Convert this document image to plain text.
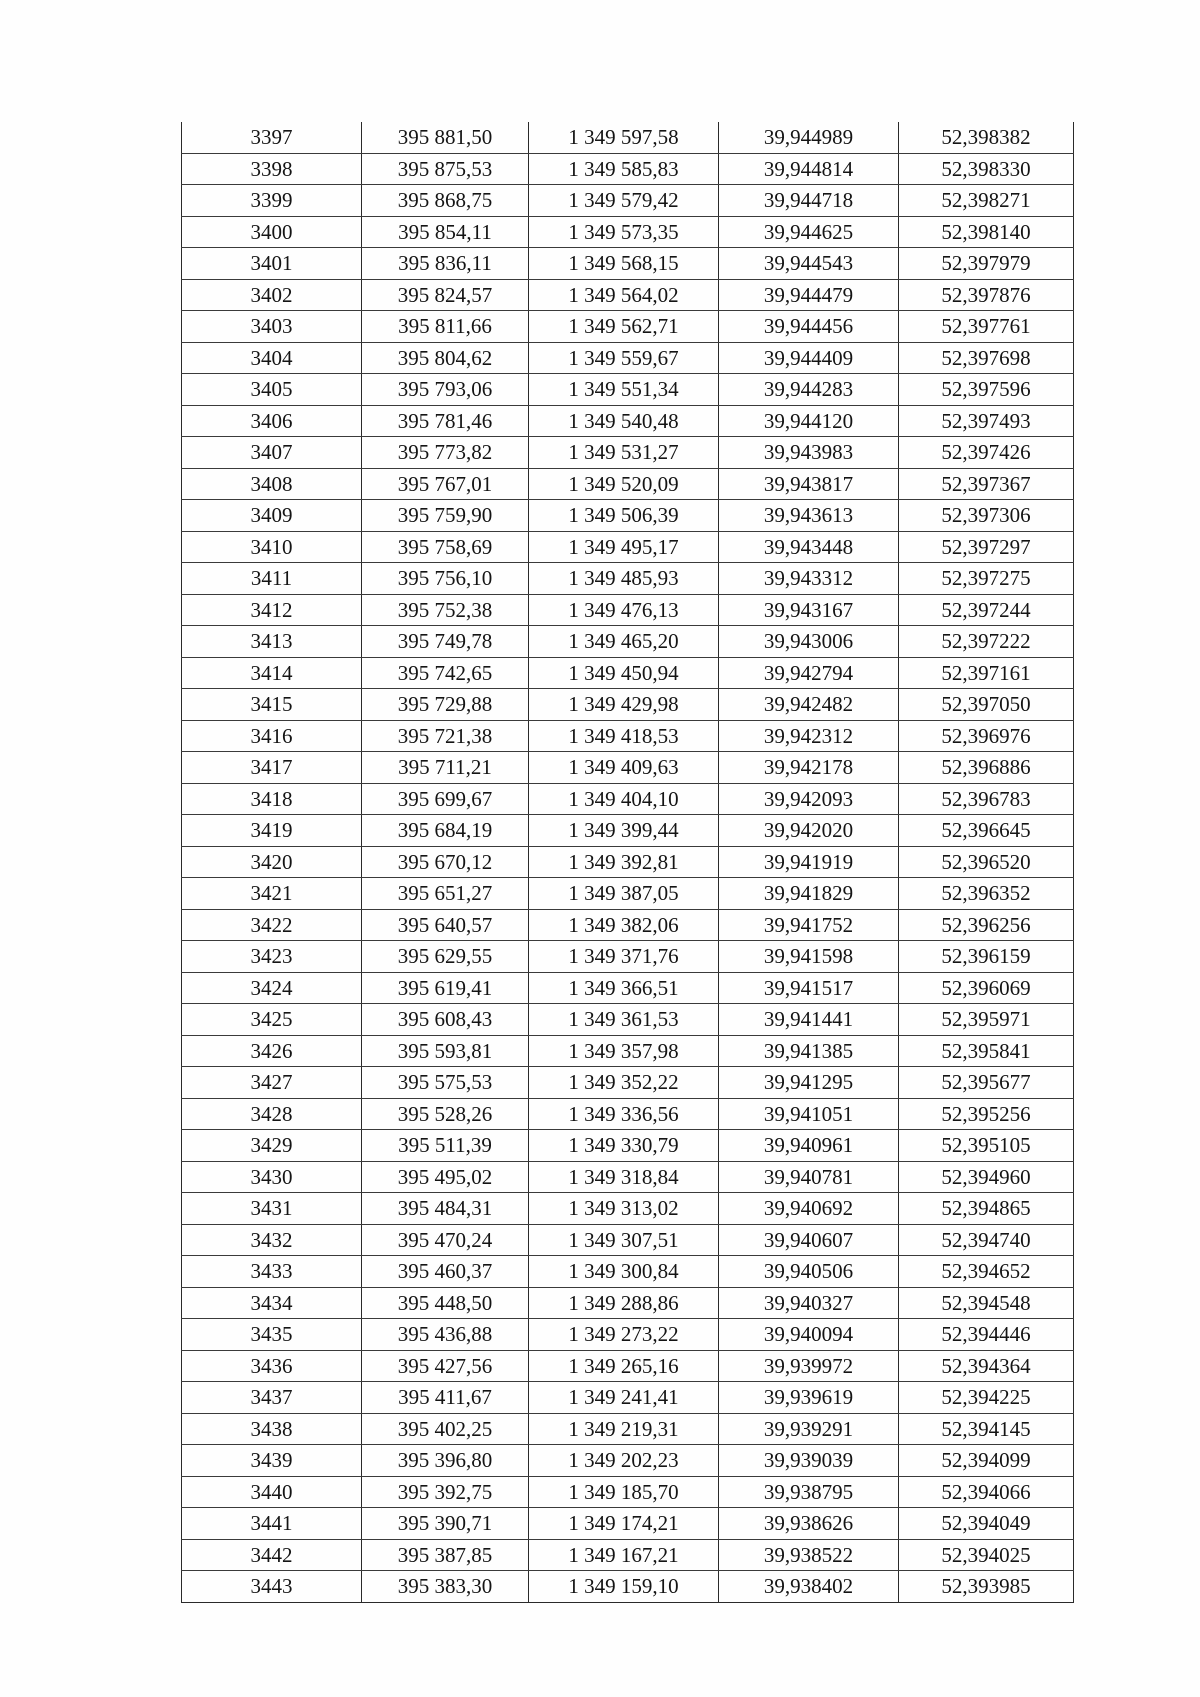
3397	395 881,50	1 349 597,58	39,944989	52,398382
3398	395 875,53	1 349 585,83	39,944814	52,398330
3399	395 868,75	1 349 579,42	39,944718	52,398271
3400	395 854,11	1 349 573,35	39,944625	52,398140
3401	395 836,11	1 349 568,15	39,944543	52,397979
3402	395 824,57	1 349 564,02	39,944479	52,397876
3403	395 811,66	1 349 562,71	39,944456	52,397761
3404	395 804,62	1 349 559,67	39,944409	52,397698
3405	395 793,06	1 349 551,34	39,944283	52,397596
3406	395 781,46	1 349 540,48	39,944120	52,397493
3407	395 773,82	1 349 531,27	39,943983	52,397426
3408	395 767,01	1 349 520,09	39,943817	52,397367
3409	395 759,90	1 349 506,39	39,943613	52,397306
3410	395 758,69	1 349 495,17	39,943448	52,397297
3411	395 756,10	1 349 485,93	39,943312	52,397275
3412	395 752,38	1 349 476,13	39,943167	52,397244
3413	395 749,78	1 349 465,20	39,943006	52,397222
3414	395 742,65	1 349 450,94	39,942794	52,397161
3415	395 729,88	1 349 429,98	39,942482	52,397050
3416	395 721,38	1 349 418,53	39,942312	52,396976
3417	395 711,21	1 349 409,63	39,942178	52,396886
3418	395 699,67	1 349 404,10	39,942093	52,396783
3419	395 684,19	1 349 399,44	39,942020	52,396645
3420	395 670,12	1 349 392,81	39,941919	52,396520
3421	395 651,27	1 349 387,05	39,941829	52,396352
3422	395 640,57	1 349 382,06	39,941752	52,396256
3423	395 629,55	1 349 371,76	39,941598	52,396159
3424	395 619,41	1 349 366,51	39,941517	52,396069
3425	395 608,43	1 349 361,53	39,941441	52,395971
3426	395 593,81	1 349 357,98	39,941385	52,395841
3427	395 575,53	1 349 352,22	39,941295	52,395677
3428	395 528,26	1 349 336,56	39,941051	52,395256
3429	395 511,39	1 349 330,79	39,940961	52,395105
3430	395 495,02	1 349 318,84	39,940781	52,394960
3431	395 484,31	1 349 313,02	39,940692	52,394865
3432	395 470,24	1 349 307,51	39,940607	52,394740
3433	395 460,37	1 349 300,84	39,940506	52,394652
3434	395 448,50	1 349 288,86	39,940327	52,394548
3435	395 436,88	1 349 273,22	39,940094	52,394446
3436	395 427,56	1 349 265,16	39,939972	52,394364
3437	395 411,67	1 349 241,41	39,939619	52,394225
3438	395 402,25	1 349 219,31	39,939291	52,394145
3439	395 396,80	1 349 202,23	39,939039	52,394099
3440	395 392,75	1 349 185,70	39,938795	52,394066
3441	395 390,71	1 349 174,21	39,938626	52,394049
3442	395 387,85	1 349 167,21	39,938522	52,394025
3443	395 383,30	1 349 159,10	39,938402	52,393985
